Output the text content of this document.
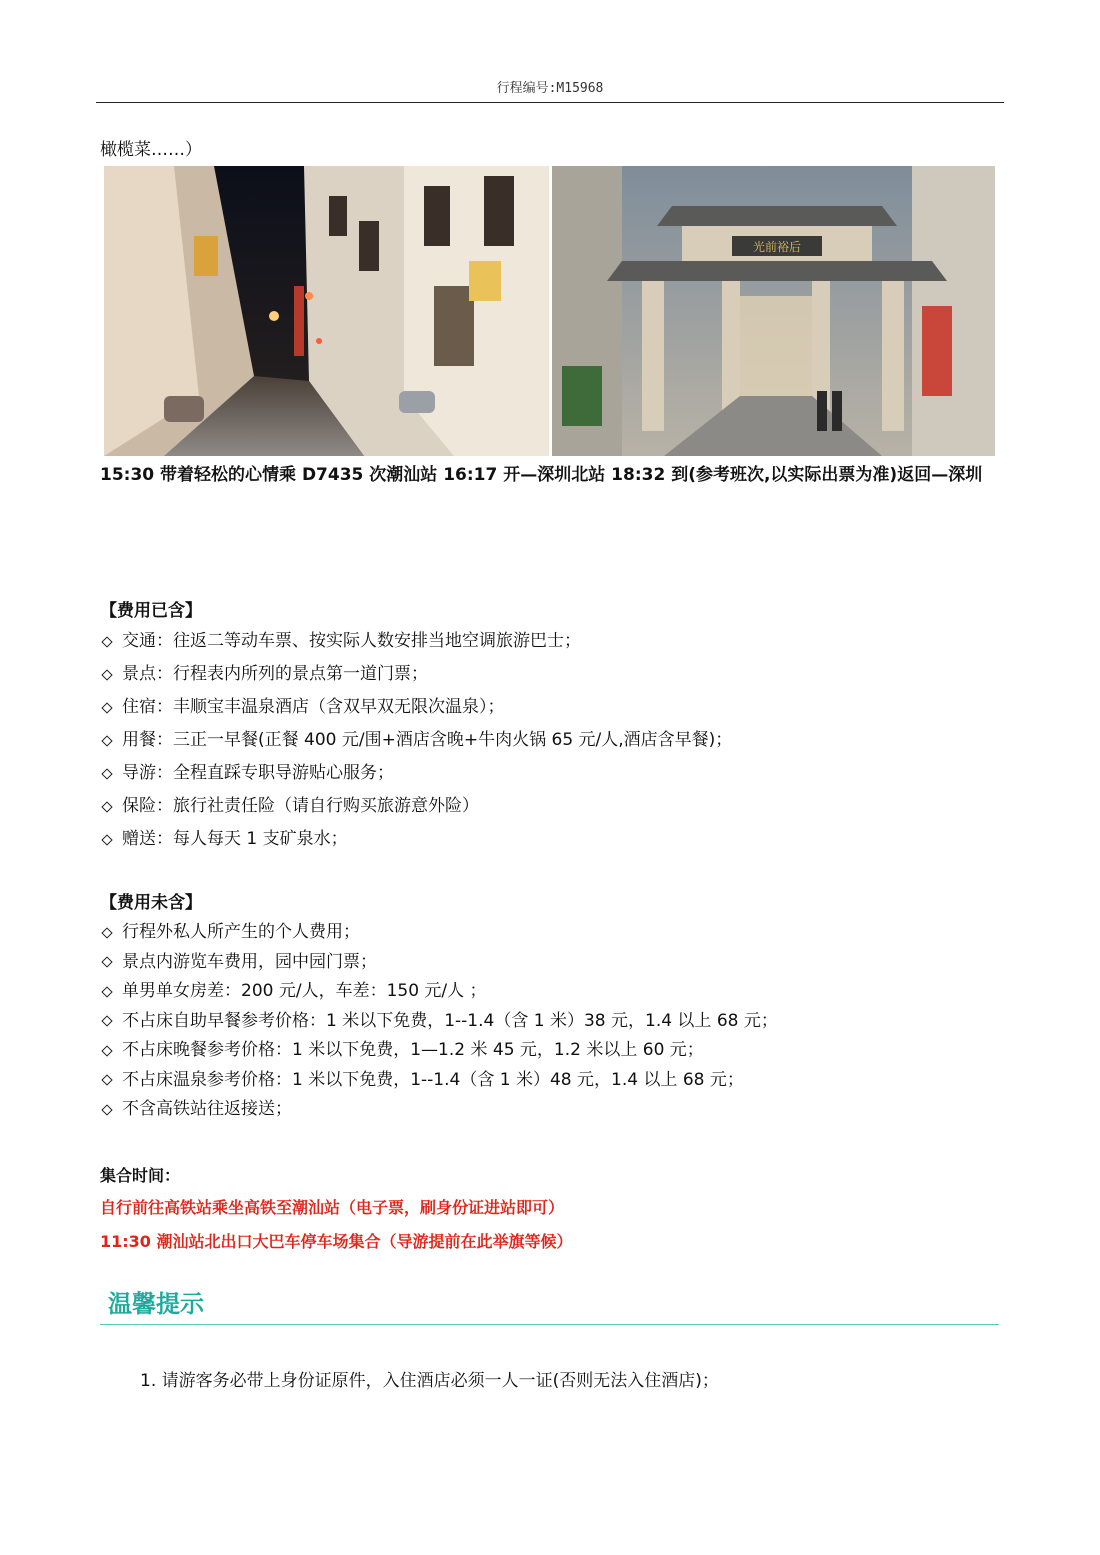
行程编号:M15968
橄榄菜……）
光前裕后
15:30 带着轻松的心情乘 D7435 次潮汕站 16:17 开—深圳北站 18:32 到(参考班次,以实际出票为准)返回—深圳
【费用已含】
交通：往返二等动车票、按实际人数安排当地空调旅游巴士；
景点：行程表内所列的景点第一道门票；
住宿：丰顺宝丰温泉酒店（含双早双无限次温泉）；
用餐：三正一早餐(正餐 400 元/围+酒店含晚+牛肉火锅 65 元/人,酒店含早餐)；
导游：全程直踩专职导游贴心服务；
保险：旅行社责任险（请自行购买旅游意外险）
赠送：每人每天 1 支矿泉水；
【费用未含】
行程外私人所产生的个人费用；
景点内游览车费用，园中园门票；
单男单女房差：200 元/人，车差：150 元/人 ；
不占床自助早餐参考价格：1 米以下免费，1--1.4（含 1 米）38 元，1.4 以上 68 元；
不占床晚餐参考价格：1 米以下免费，1—1.2 米 45 元，1.2 米以上 60 元；
不占床温泉参考价格：1 米以下免费，1--1.4（含 1 米）48 元，1.4 以上 68 元；
不含高铁站往返接送；
集合时间：
自行前往高铁站乘坐高铁至潮汕站（电子票，刷身份证进站即可）
11:30 潮汕站北出口大巴车停车场集合（导游提前在此举旗等候）
温馨提示
1. 请游客务必带上身份证原件，入住酒店必须一人一证(否则无法入住酒店)；
